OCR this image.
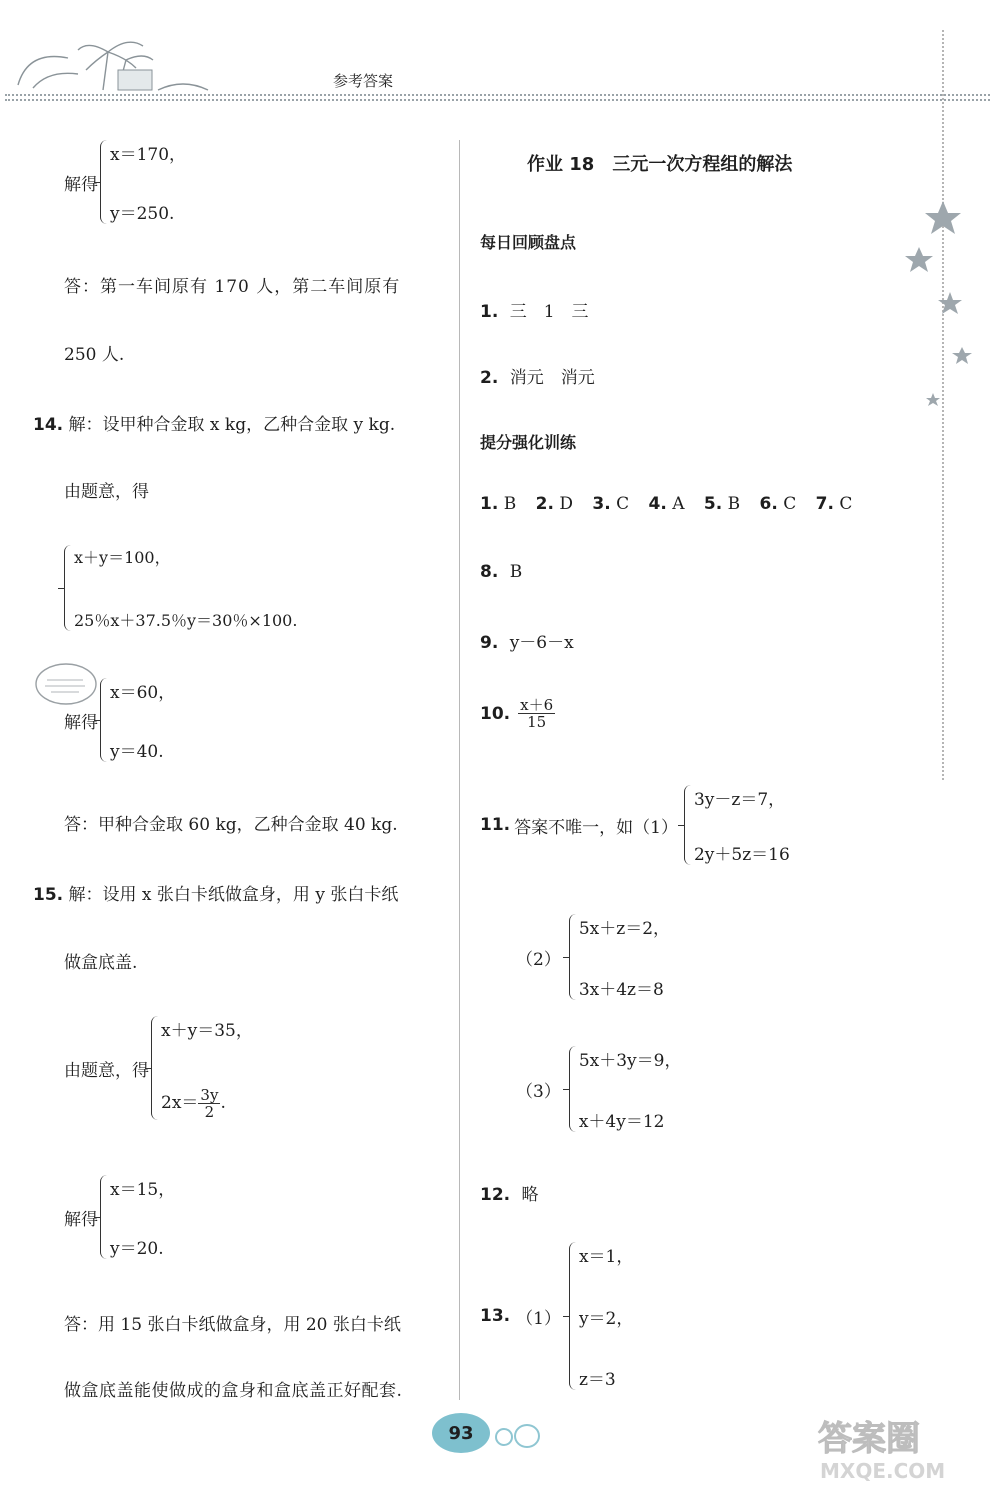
参考答案
解得
x＝170，
y＝250.
答：第一车间原有 170 人，第二车间原有
250 人.
14. 解：设甲种合金取 x kg，乙种合金取 y kg.
由题意，得
x＋y＝100，
25％x＋37.5％y＝30％×100.
解得
x＝60，
y＝40.
答：甲种合金取 60 kg，乙种合金取 40 kg.
15. 解：设用 x 张白卡纸做盒身，用 y 张白卡纸
做盒底盖.
由题意，得
x＋y＝35，
$2x= \frac{3y}{2}$ .
解得
x＝15，
y＝20.
答：用 15 张白卡纸做盒身，用 20 张白卡纸
做盒底盖能使做成的盒身和盒底盖正好配套.
作业 18　三元一次方程组的解法
每日回顾盘点
1. 三　1　三
2. 消元　消元
提分强化训练
1. B 2. D 3. C 4. A 5. B 6. C 7. C
8. B
9. y－6－x
10. $\frac{x+6}{15}$
11. 答案不唯一，如（1）
3y－z＝7，
2y＋5z＝16
（2）
5x＋z＝2，
3x＋4z＝8
（3）
5x＋3y＝9，
x＋4y＝12
12. 略
13. （1）
x＝1，
y＝2，
z＝3
93	答案圈
MXQE.COM
